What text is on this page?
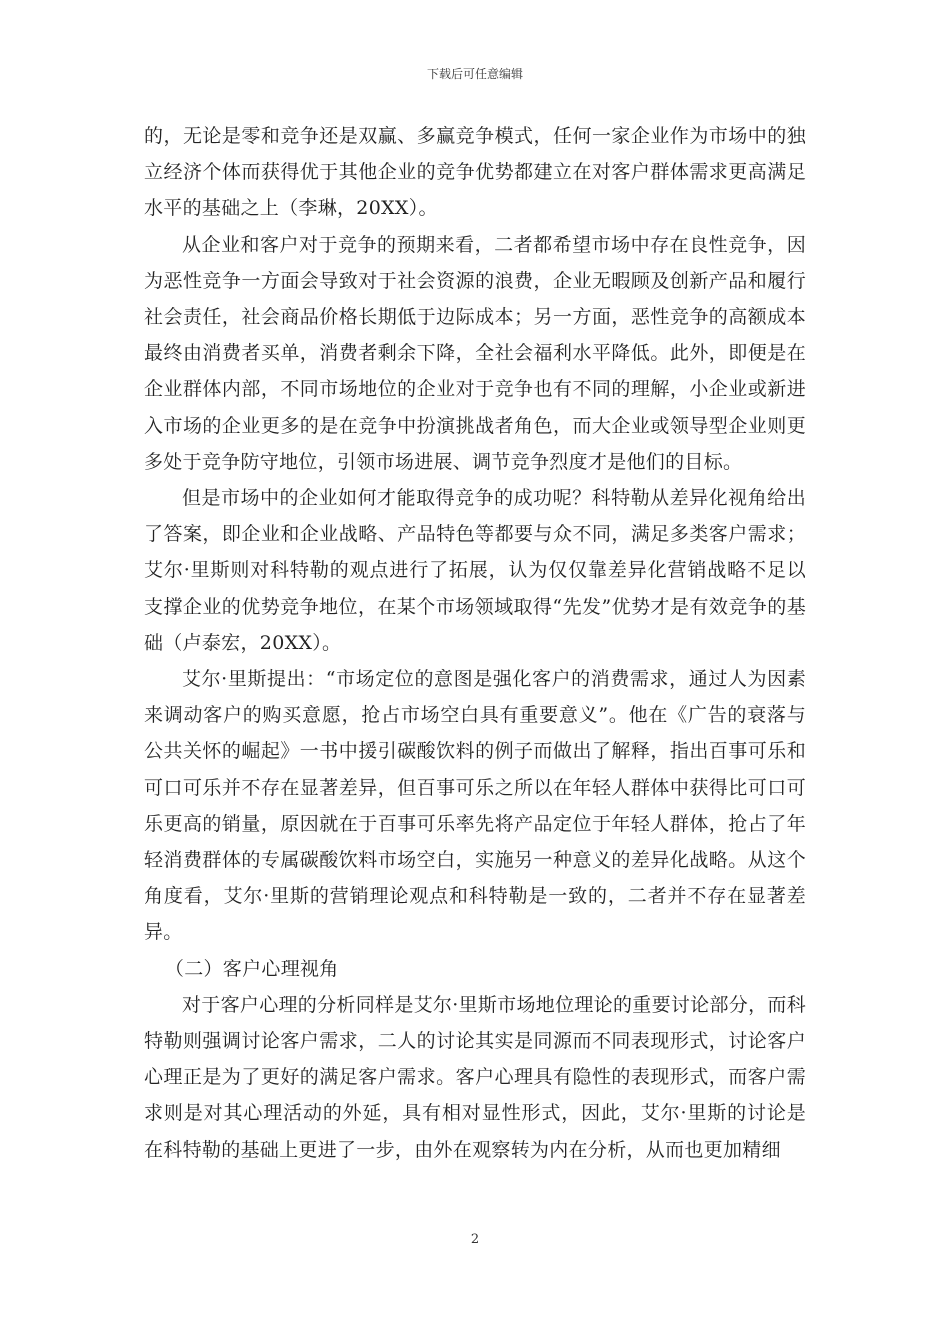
下载后可任意编辑

的，无论是零和竞争还是双赢、多赢竞争模式，任何一家企业作为市场中的独立经济个体而获得优于其他企业的竞争优势都建立在对客户群体需求更高满足水平的基础之上（李琳，20XX）。

从企业和客户对于竞争的预期来看，二者都希望市场中存在良性竞争，因为恶性竞争一方面会导致对于社会资源的浪费，企业无暇顾及创新产品和履行社会责任，社会商品价格长期低于边际成本；另一方面，恶性竞争的高额成本最终由消费者买单，消费者剩余下降，全社会福利水平降低。此外，即便是在企业群体内部，不同市场地位的企业对于竞争也有不同的理解，小企业或新进入市场的企业更多的是在竞争中扮演挑战者角色，而大企业或领导型企业则更多处于竞争防守地位，引领市场进展、调节竞争烈度才是他们的目标。

但是市场中的企业如何才能取得竞争的成功呢？科特勒从差异化视角给出了答案，即企业和企业战略、产品特色等都要与众不同，满足多类客户需求；艾尔·里斯则对科特勒的观点进行了拓展，认为仅仅靠差异化营销战略不足以支撑企业的优势竞争地位，在某个市场领域取得“先发”优势才是有效竞争的基础（卢泰宏，20XX）。

艾尔·里斯提出：“市场定位的意图是强化客户的消费需求，通过人为因素来调动客户的购买意愿，抢占市场空白具有重要意义”。他在《广告的衰落与公共关怀的崛起》一书中援引碳酸饮料的例子而做出了解释，指出百事可乐和可口可乐并不存在显著差异，但百事可乐之所以在年轻人群体中获得比可口可乐更高的销量，原因就在于百事可乐率先将产品定位于年轻人群体，抢占了年轻消费群体的专属碳酸饮料市场空白，实施另一种意义的差异化战略。从这个角度看，艾尔·里斯的营销理论观点和科特勒是一致的，二者并不存在显著差异。

（二）客户心理视角

对于客户心理的分析同样是艾尔·里斯市场地位理论的重要讨论部分，而科特勒则强调讨论客户需求，二人的讨论其实是同源而不同表现形式，讨论客户心理正是为了更好的满足客户需求。客户心理具有隐性的表现形式，而客户需求则是对其心理活动的外延，具有相对显性形式，因此，艾尔·里斯的讨论是在科特勒的基础上更进了一步，由外在观察转为内在分析，从而也更加精细

2
